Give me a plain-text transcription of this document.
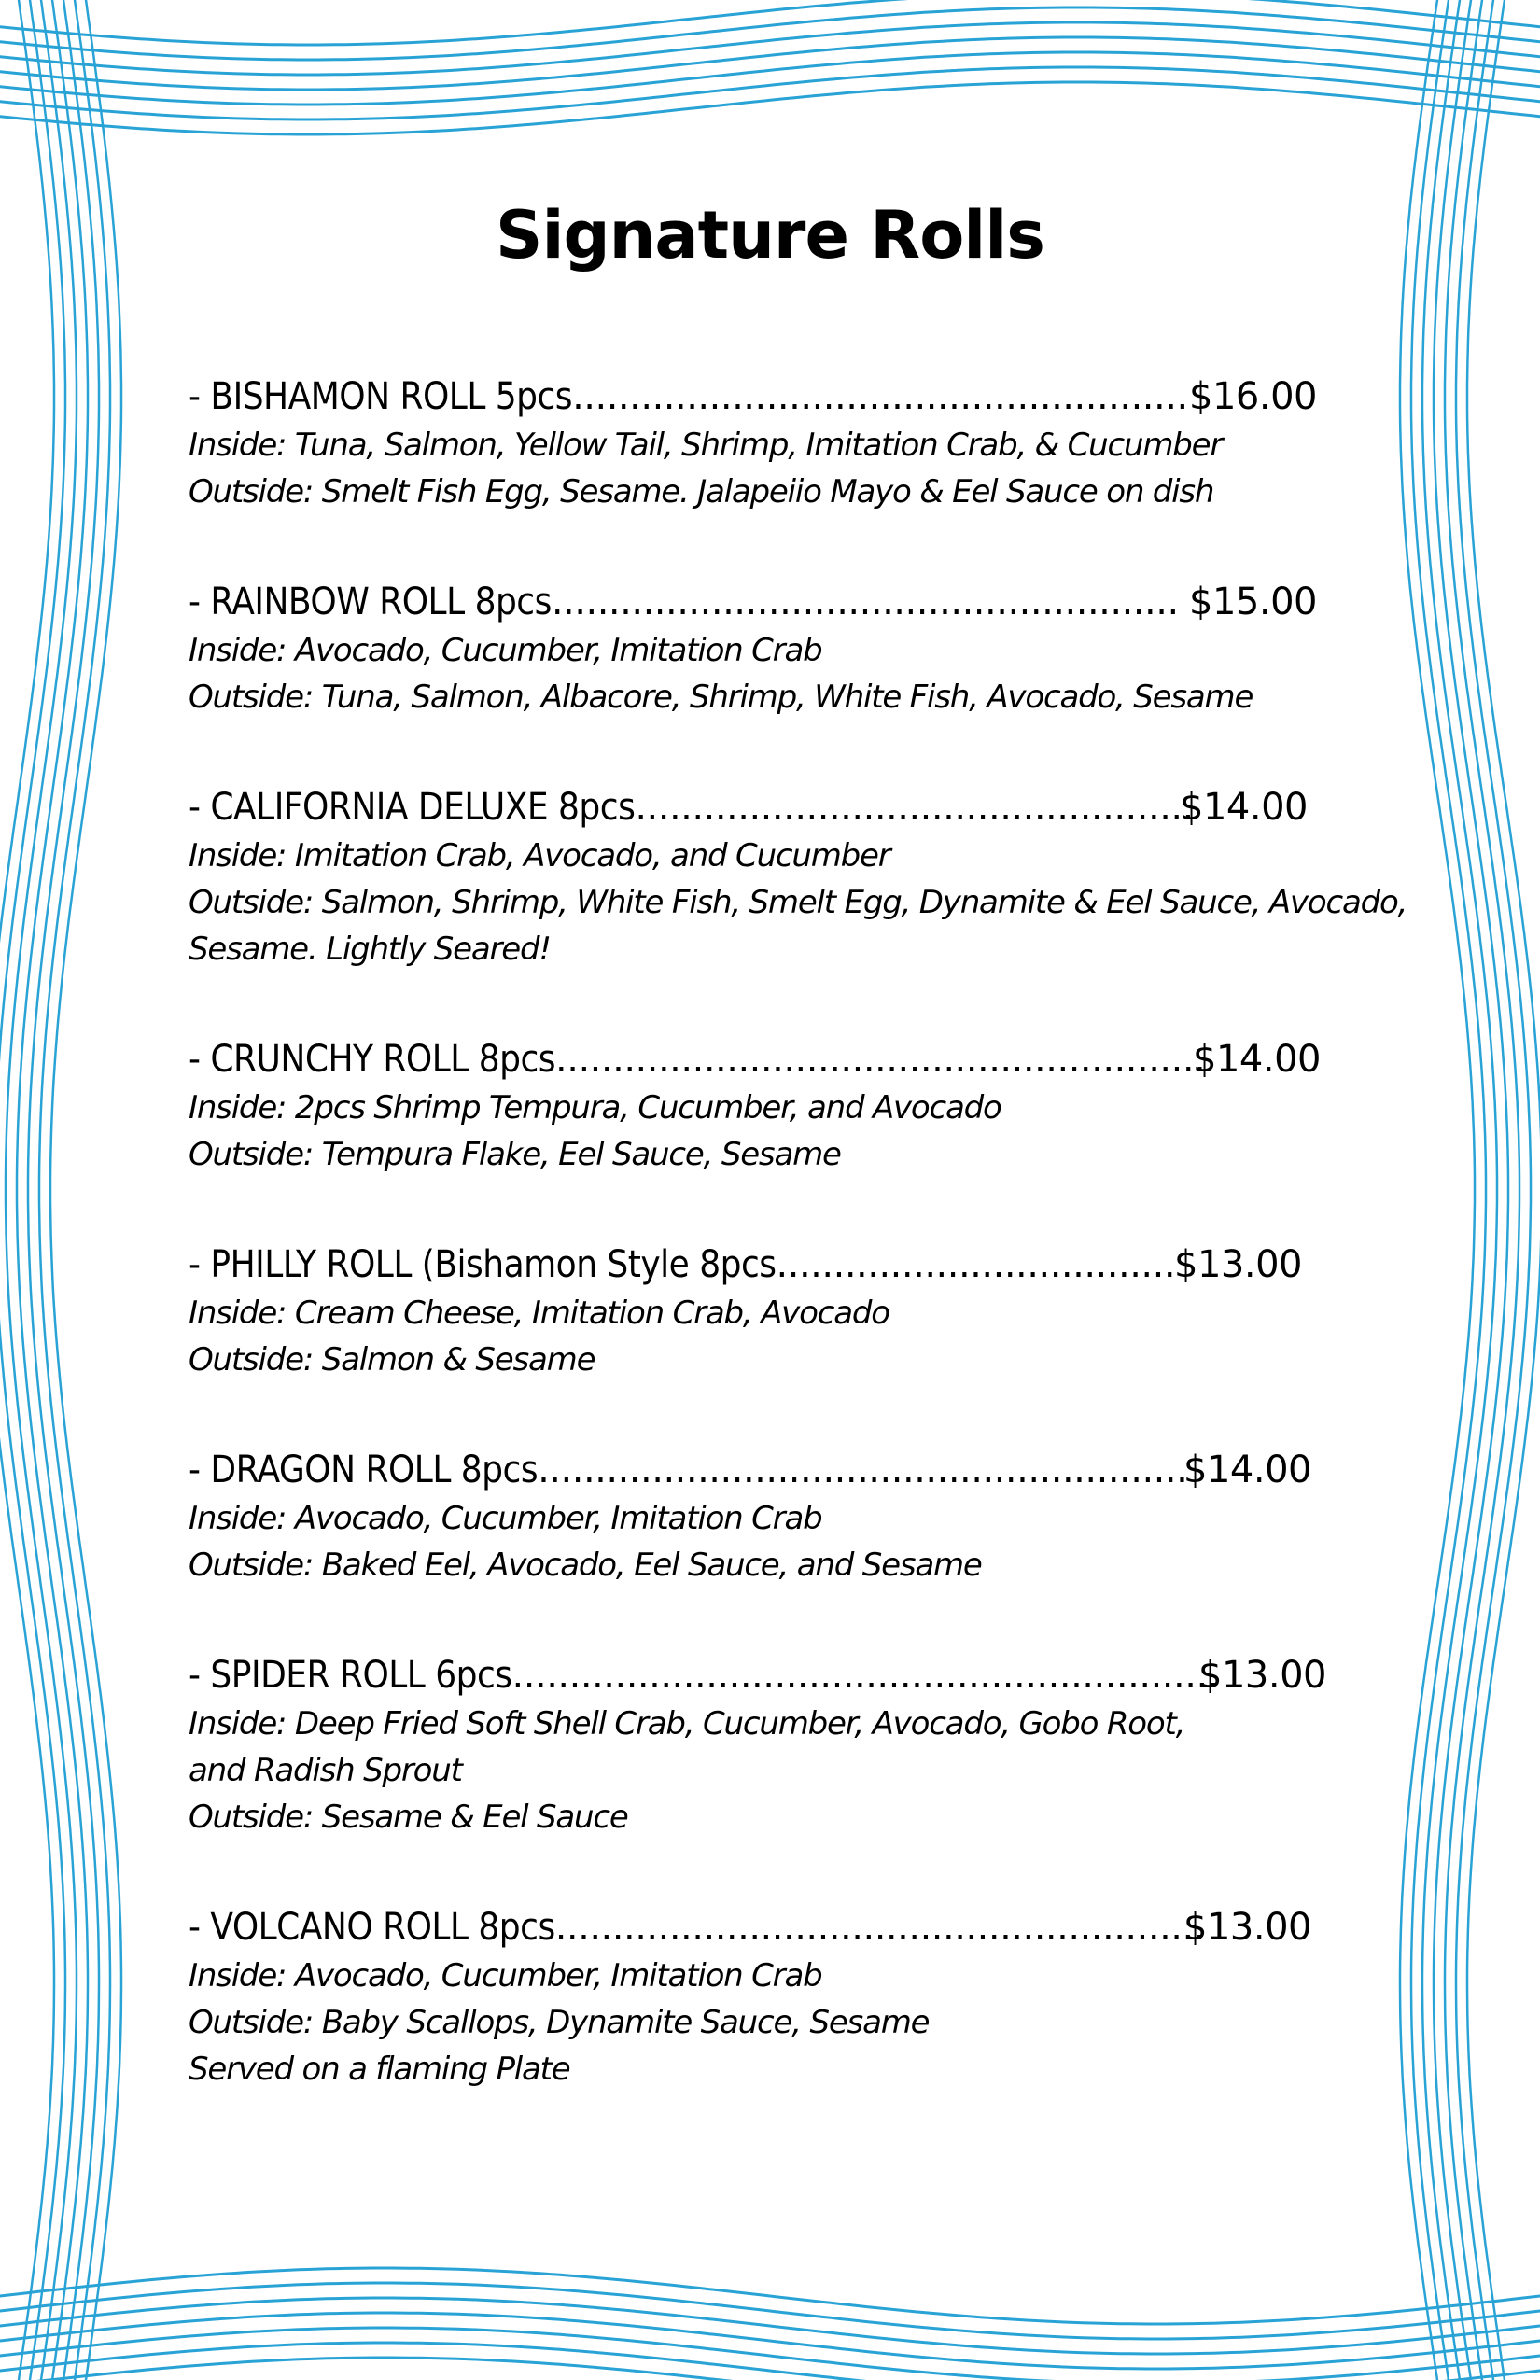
Signature Rolls
- BISHAMON ROLL 5pcs...................................................... $16.00

Inside: Tuna, Salmon, Yellow Tail, Shrimp, Imitation Crab, & Cucumber

Outside: Smelt Fish Egg, Sesame. Jalapeiio Mayo & Eel Sauce on dish

- RAINBOW ROLL 8pcs....................................................... $15.00

Inside: Avocado, Cucumber, Imitation Crab

Outside: Tuna, Salmon, Albacore, Shrimp, White Fish, Avocado, Sesame

- CALIFORNIA DELUXE 8pcs.................................................
$14.00

Inside: Imitation Crab, Avocado, and Cucumber

Outside: Salmon, Shrimp, White Fish, Smelt Egg, Dynamite & Eel Sauce, Avocado,

Sesame. Lightly Seared!

- CRUNCHY ROLL 8pcs.........................................................
$14.00

Inside: 2pcs Shrimp Tempura, Cucumber, and Avocado

Outside: Tempura Flake, Eel Sauce, Sesame

- PHILLY ROLL (Bishamon Style 8pcs...................................
$13.00

Inside: Cream Cheese, Imitation Crab, Avocado

Outside: Salmon & Sesame

- DRAGON ROLL 8pcs.........................................................
$14.00

Inside: Avocado, Cucumber, Imitation Crab

Outside: Baked Eel, Avocado, Eel Sauce, and Sesame

- SPIDER ROLL 6pcs..............................................................
$13.00

Inside: Deep Fried Soft Shell Crab, Cucumber, Avocado, Gobo Root,

and Radish Sprout

Outside: Sesame & Eel Sauce

- VOLCANO ROLL 8pcs.........................................................
$13.00

Inside: Avocado, Cucumber, Imitation Crab

Outside: Baby Scallops, Dynamite Sauce, Sesame

Served on a flaming Plate
